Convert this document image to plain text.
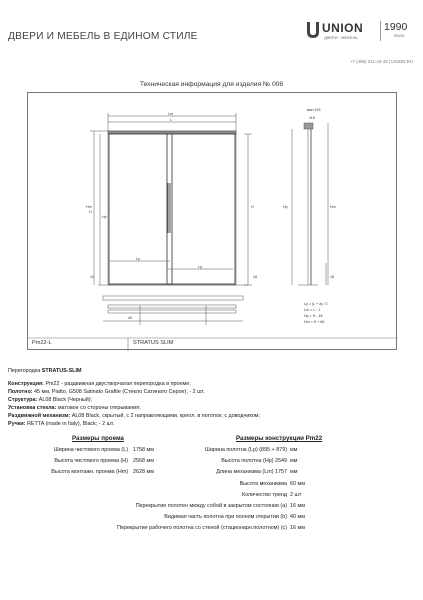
ДВЕРИ И МЕБЕЛЬ В ЕДИНОМ СТИЛЕ
UNION
ДВЕРИ · МЕБЕЛЬ
1990
SINCE
+7 (495) 221-43-43 | UNION.RU
Техническая информация для изделия № 008
Lm
L
Lp
Lp
Hm
H
Hp
H
10	18
45
мин.193
116
Hp	Hm
18
Lp = (L + a) / 2
Lm = L - 1
Hp = H - 18
Hm = H + 60
Pm22-L	STRATUS SLIM
Перегородка STRATUS-SLIM
Конструкция: Pm22 - раздвижная двустворчатая перегородка в проеме;
Полотно: 45 мм, Piatto, G508 Satinato Grafite (Стекло Сатинато Серое); - 2 шт.
Структура: AL08 Black (Черный);
Установка стекла: матовое со стороны открывания;
Раздвижной механизм: AL08 Black, скрытый, с 2 направляющими, крепл. в потолок; с доводчиком;
Ручки: RETTA (made in Italy), Black; - 2 шт.
Размеры проема
Ширина чистового проема (L) 1758 мм
Высота чистового проема (H) 2568 мм
Высота монтажн. проема (Hm) 2628 мм
Размеры конструкции Pm22
Ширина полотна (Lp) (895 + 879) мм
Высота полотна (Hp) 2549 мм
Длина механизма (Lm) 1757 мм
Высота механизма 60 мм
Количество тренд 2 шт
Перекрытие полотен между собой в закрытом состоянии (a) 16 мм
Видимая часть полотна при полном открытии (b) 40 мм
Перекрытие рабочего полотна со стеной (стационарн.полотном) (c) 16 мм
